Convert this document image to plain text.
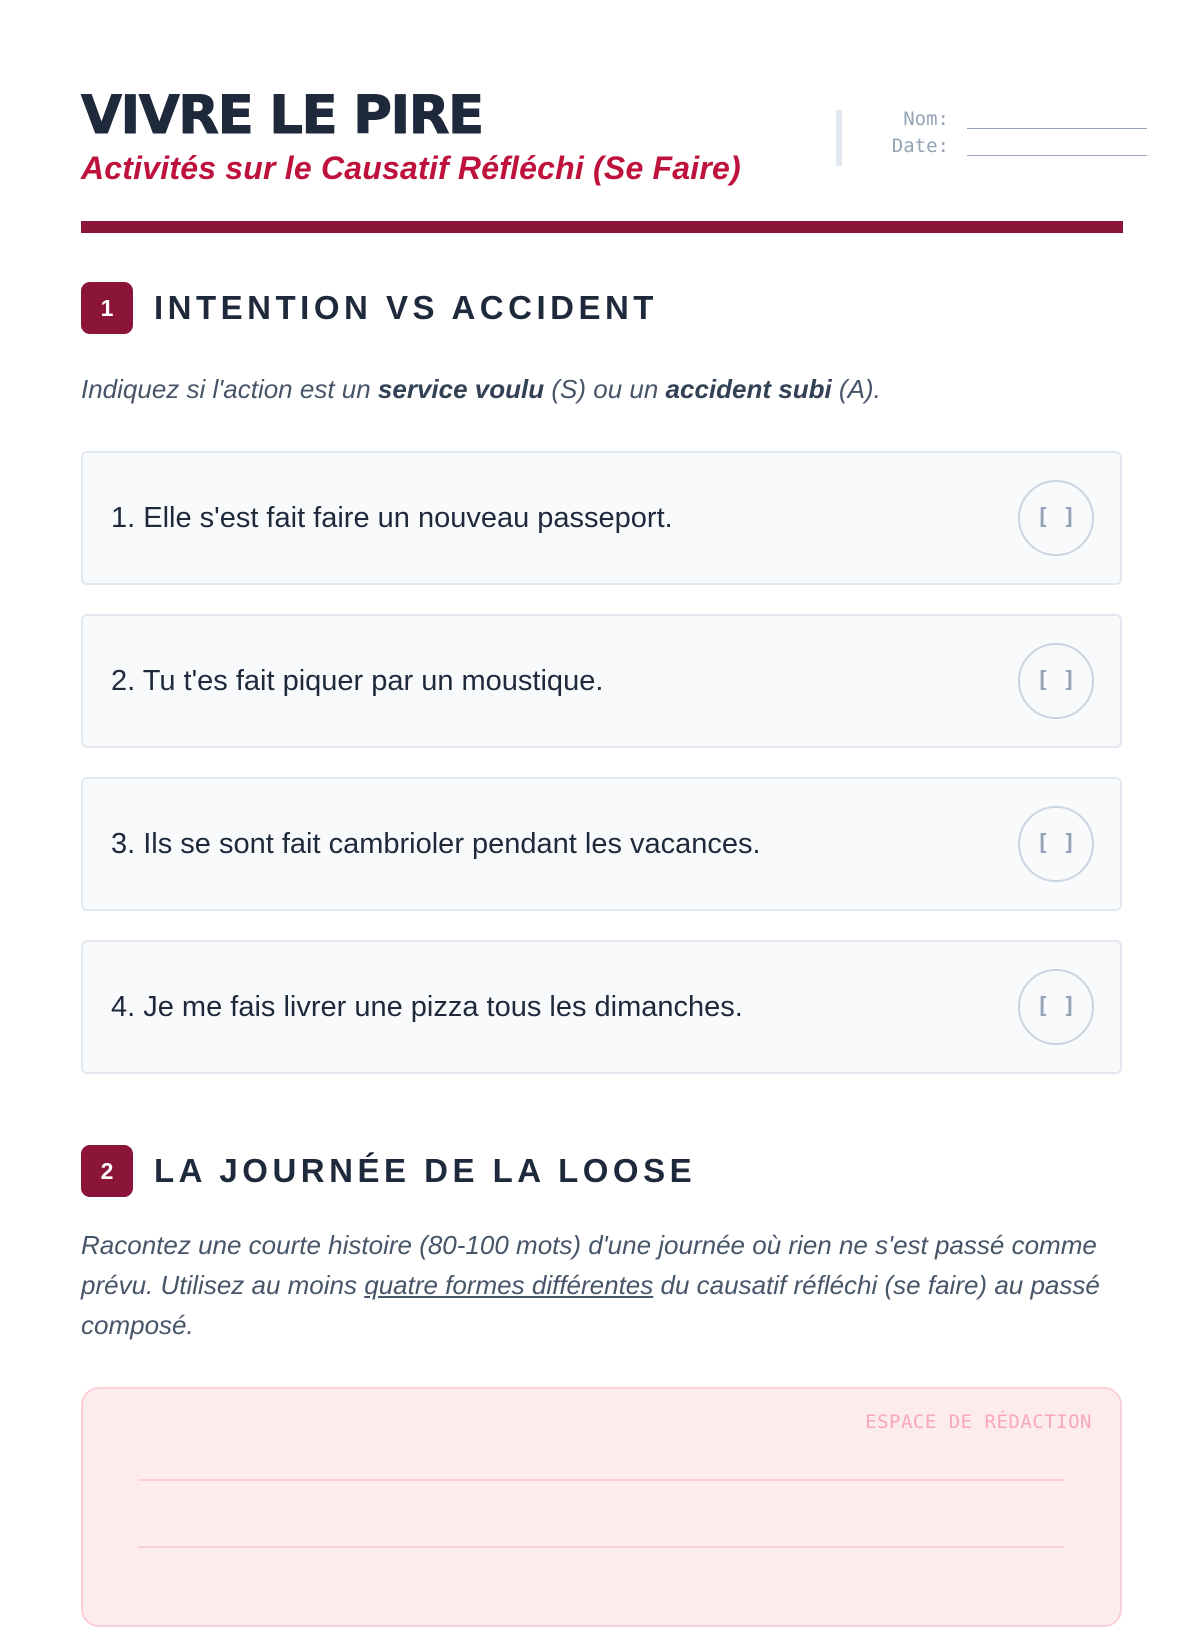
VIVRE LE PIRE
Activités sur le Causatif Réfléchi (Se Faire)
Nom:
Date:
1	INTENTION VS ACCIDENT
Indiquez si l'action est un service voulu (S) ou un accident subi (A).
1. Elle s'est fait faire un nouveau passeport.	[ ]
2. Tu t'es fait piquer par un moustique.	[ ]
3. Ils se sont fait cambrioler pendant les vacances.	[ ]
4. Je me fais livrer une pizza tous les dimanches.	[ ]
2	LA JOURNÉE DE LA LOOSE
Racontez une courte histoire (80-100 mots) d'une journée où rien ne s'est passé comme prévu. Utilisez au moins quatre formes différentes du causatif réfléchi (se faire) au passé composé.
ESPACE DE RÉDACTION
